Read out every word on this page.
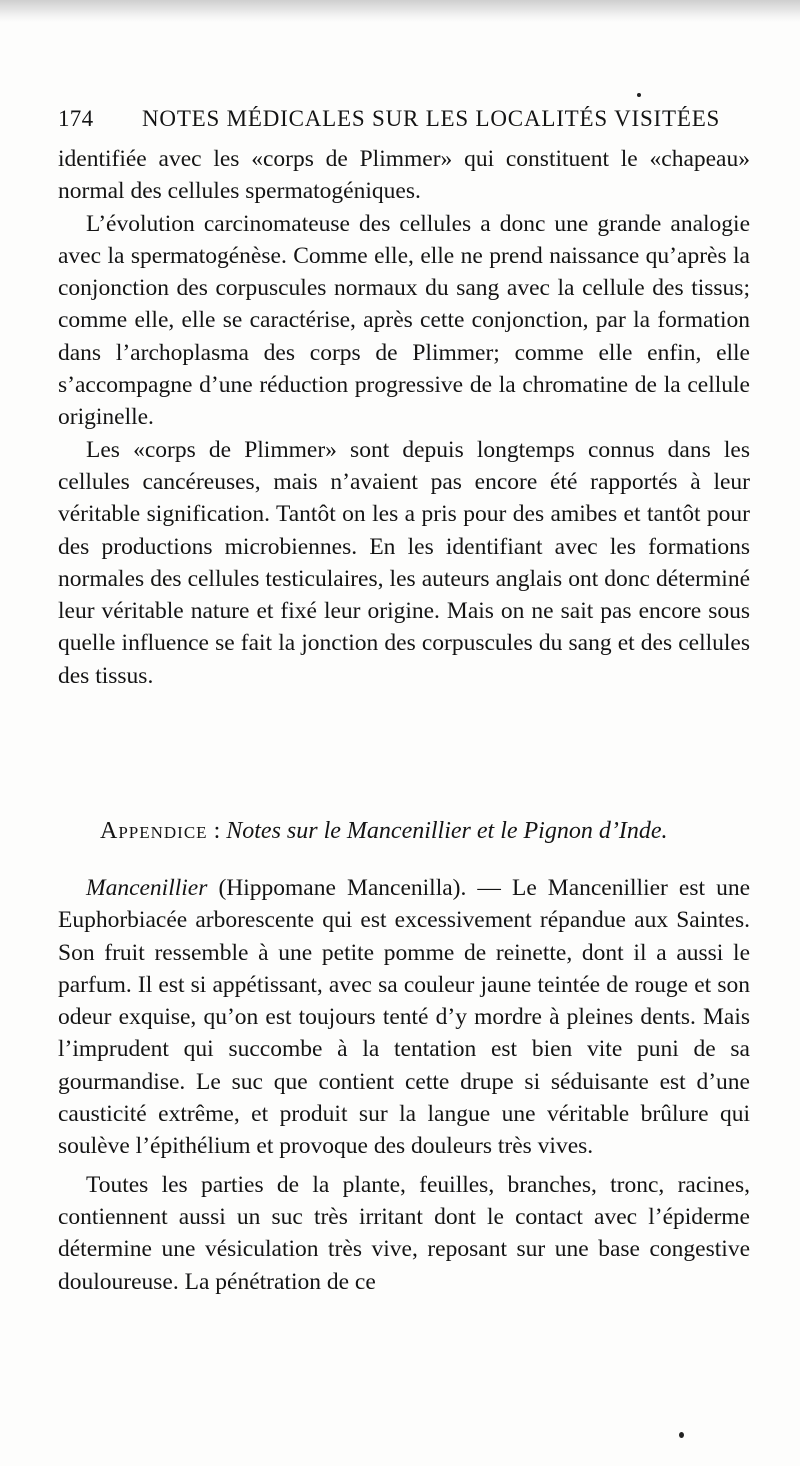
174 NOTES MÉDICALES SUR LES LOCALITÉS VISITÉES

identifiée avec les «corps de Plimmer» qui constituent le «chapeau» normal des cellules spermatogéniques.

L’évolution carcinomateuse des cellules a donc une grande analogie avec la spermatogénèse. Comme elle, elle ne prend naissance qu’après la conjonction des corpuscules normaux du sang avec la cellule des tissus; comme elle, elle se caractérise, après cette conjonction, par la formation dans l’archoplasma des corps de Plimmer; comme elle enfin, elle s’accompagne d’une réduction progressive de la chromatine de la cellule originelle.

Les «corps de Plimmer» sont depuis longtemps connus dans les cellules cancéreuses, mais n’avaient pas encore été rapportés à leur véritable signification. Tantôt on les a pris pour des amibes et tantôt pour des productions microbiennes. En les identifiant avec les formations normales des cellules testiculaires, les auteurs anglais ont donc déterminé leur véritable nature et fixé leur origine. Mais on ne sait pas encore sous quelle influence se fait la jonction des corpuscules du sang et des cellules des tissus.

Appendice : Notes sur le Mancenillier et le Pignon d’Inde.

Mancenillier (Hippomane Mancenilla). — Le Mancenillier est une Euphorbiacée arborescente qui est excessivement répandue aux Saintes. Son fruit ressemble à une petite pomme de reinette, dont il a aussi le parfum. Il est si appétissant, avec sa couleur jaune teintée de rouge et son odeur exquise, qu’on est toujours tenté d’y mordre à pleines dents. Mais l’imprudent qui succombe à la tentation est bien vite puni de sa gourmandise. Le suc que contient cette drupe si séduisante est d’une causticité extrême, et produit sur la langue une véritable brûlure qui soulève l’épithélium et provoque des douleurs très vives.

Toutes les parties de la plante, feuilles, branches, tronc, racines, contiennent aussi un suc très irritant dont le contact avec l’épiderme détermine une vésiculation très vive, reposant sur une base congestive douloureuse. La pénétration de ce
